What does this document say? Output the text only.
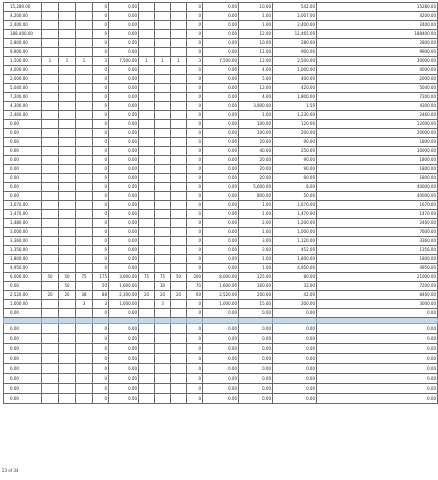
15,280.00				0	0.00				0	0.00	10.00	542.00	15280.00
4,200.00				0	0.00				0	0.00	1.00	2,007.00	4200.00
2,400.00				0	0.00				0	0.00	1.00	2,400.00	2400.00
188,400.00				0	0.00				0	0.00	12.00	12,465.00	188400.00
2,800.00				0	0.00				0	0.00	10.00	280.00	2800.00
9,900.00				0	0.00				0	0.00	11.00	900.00	9900.00
1,500.00	1	1	1	3	7,500.00	1	1	1	3	7,500.00	12.00	2,500.00	30000.00
4,000.00				0	0.00				0	0.00	4.00	1,000.00	4000.00
2,000.00				0	0.00				0	0.00	5.00	400.00	2000.00
5,040.00				0	0.00				0	0.00	12.00	420.00	5040.00
7,200.00				0	0.00				0	0.00	4.00	1,800.00	7200.00
4,300.00				0	0.00				0	0.00	3,900.00	1.50	4300.00
2,460.00				0	0.00				0	0.00	1.00	1,230.00	2460.00
0.00				0	0.00				0	0.00	100.00	120.00	12000.00
0.00				0	0.00				0	0.00	100.00	200.00	20000.00
0.00				0	0.00				0	0.00	20.00	90.00	1800.00
0.00				0	0.00				0	0.00	40.00	250.00	10000.00
0.00				0	0.00				0	0.00	20.00	90.00	1800.00
0.00				0	0.00				0	0.00	20.00	90.00	1800.00
0.00				0	0.00				0	0.00	20.00	90.00	1800.00
0.00				0	0.00				0	0.00	5,000.00	8.00	40000.00
0.00				0	0.00				0	0.00	800.00	50.00	40000.00
1,670.00				0	0.00				0	0.00	1.00	1,670.00	1670.00
1,470.00				0	0.00				0	0.00	1.00	1,470.00	1470.00
1,480.00				0	0.00				0	0.00	2.00	1,200.00	2400.00
3,000.00				0	0.00				0	0.00	1.00	1,000.00	7600.00
3,360.00				0	0.00				0	0.00	3.00	1,120.00	3360.00
1,356.00				0	0.00				0	0.00	3.00	452.00	1356.00
1,800.00				0	0.00				0	0.00	1.00	1,800.00	1800.00
4,950.00				0	0.00				0	0.00	1.00	4,950.00	4950.00
6,000.00	50	50	75	175	3,000.00	75	75	50	200	8,000.00	125.00	80.00	21000.00
0.00		50		50	1,600.00		30		70	1,600.00	160.00	32.00	7200.00
2,520.00	20	20	38	88	2,300.00	20	20	20	60	2,520.00	200.00	42.00	8400.00
1,000.00			3	3	1,000.00		3		0	1,000.00	15.00	200.00	3000.00
0.00				0	0.00				0	0.00	0.00	0.00	0.00

0.00				0	0.00				0	0.00	0.00	0.00	0.00
0.00				0	0.00				0	0.00	0.00	0.00	0.00
0.00				0	0.00				0	0.00	0.00	0.00	0.00
0.00				0	0.00				0	0.00	0.00	0.00	0.00
0.00				0	0.00				0	0.00	0.00	0.00	0.00
0.00				0	0.00				0	0.00	0.00	0.00	0.00
0.00				0	0.00				0	0.00	0.00	0.00	0.00
0.00				0	0.00				0	0.00	0.00	0.00	0.00
23 of 34
